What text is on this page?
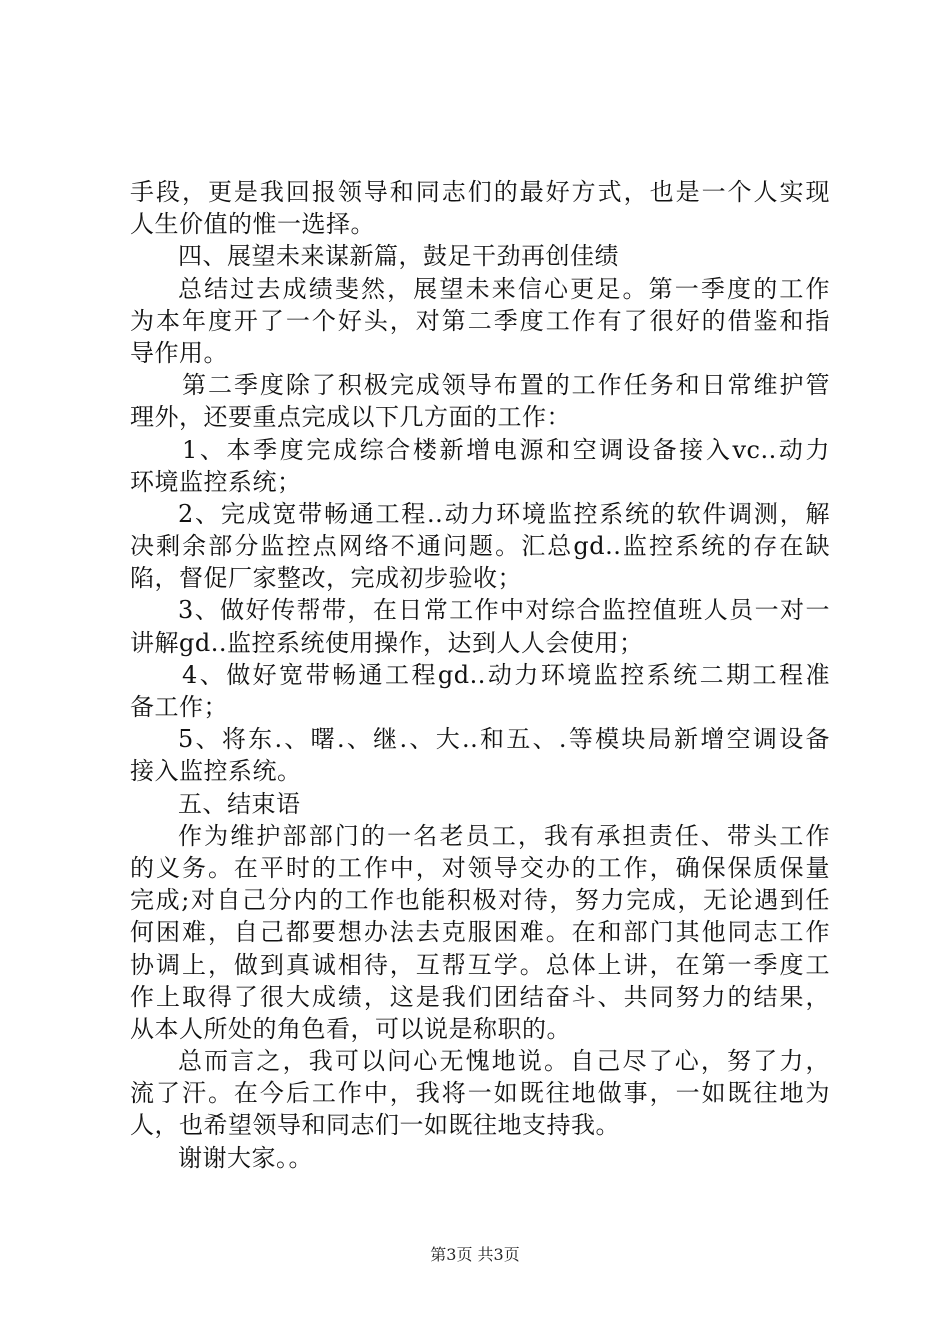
手段，更是我回报领导和同志们的最好方式，也是一个人实现
人生价值的惟一选择。
四、展望未来谋新篇，鼓足干劲再创佳绩
总结过去成绩斐然，展望未来信心更足。第一季度的工作
为本年度开了一个好头，对第二季度工作有了很好的借鉴和指
导作用。
第二季度除了积极完成领导布置的工作任务和日常维护管
理外，还要重点完成以下几方面的工作：
1、本季度完成综合楼新增电源和空调设备接入vc..动力
环境监控系统；
2、完成宽带畅通工程..动力环境监控系统的软件调测，解
决剩余部分监控点网络不通问题。汇总gd..监控系统的存在缺
陷，督促厂家整改，完成初步验收；
3、做好传帮带，在日常工作中对综合监控值班人员一对一
讲解gd..监控系统使用操作，达到人人会使用；
4、做好宽带畅通工程gd..动力环境监控系统二期工程准
备工作；
5、将东.、曙.、继.、大..和五、.等模块局新增空调设备
接入监控系统。
五、结束语
作为维护部部门的一名老员工，我有承担责任、带头工作
的义务。在平时的工作中，对领导交办的工作，确保保质保量
完成;对自己分内的工作也能积极对待，努力完成，无论遇到任
何困难，自己都要想办法去克服困难。在和部门其他同志工作
协调上，做到真诚相待，互帮互学。总体上讲，在第一季度工
作上取得了很大成绩，这是我们团结奋斗、共同努力的结果，
从本人所处的角色看，可以说是称职的。
总而言之，我可以问心无愧地说。自己尽了心，努了力，
流了汗。在今后工作中，我将一如既往地做事，一如既往地为
人，也希望领导和同志们一如既往地支持我。
谢谢大家。。
第3页 共3页
